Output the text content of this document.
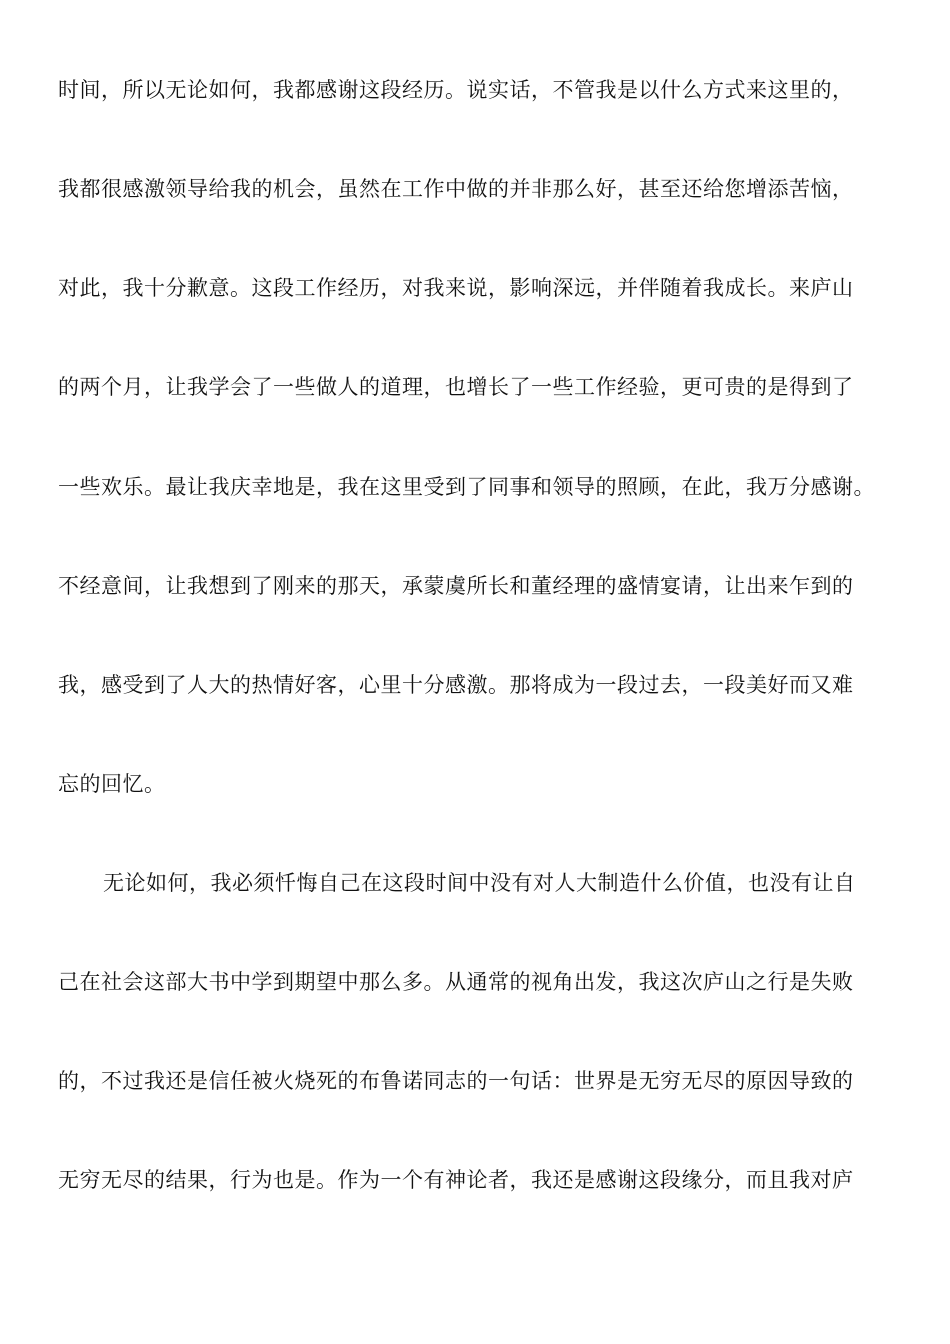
时间，所以无论如何，我都感谢这段经历。说实话，不管我是以什么方式来这里的，
我都很感激领导给我的机会，虽然在工作中做的并非那么好，甚至还给您增添苦恼，
对此，我十分歉意。这段工作经历，对我来说，影响深远，并伴随着我成长。来庐山
的两个月，让我学会了一些做人的道理，也增长了一些工作经验，更可贵的是得到了
一些欢乐。最让我庆幸地是，我在这里受到了同事和领导的照顾，在此，我万分感谢。
不经意间，让我想到了刚来的那天，承蒙虞所长和董经理的盛情宴请，让出来乍到的
我，感受到了人大的热情好客，心里十分感激。那将成为一段过去，一段美好而又难
忘的回忆。
无论如何，我必须忏悔自己在这段时间中没有对人大制造什么价值，也没有让自
己在社会这部大书中学到期望中那么多。从通常的视角出发，我这次庐山之行是失败
的，不过我还是信任被火烧死的布鲁诺同志的一句话：世界是无穷无尽的原因导致的
无穷无尽的结果，行为也是。作为一个有神论者，我还是感谢这段缘分，而且我对庐
